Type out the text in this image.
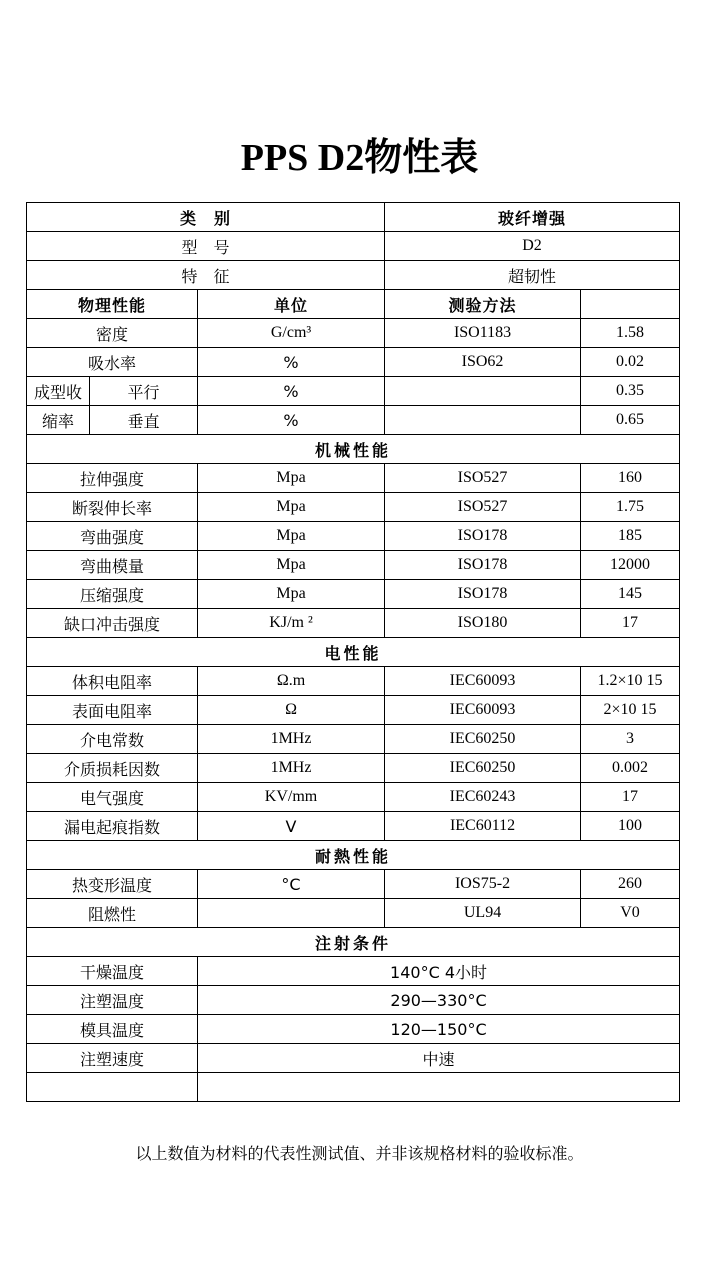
PPS D2物性表
类　别			玻纤增强	
型　号			D2	
特　征			超韧性	
物理性能		单位	测验方法	
密度		G/cm³	ISO1183	1.58
吸水率		%	ISO62	0.02
成型收	平行	%		0.35
缩率	垂直	%		0.65
机械性能				
拉伸强度		Mpa	ISO527	160
断裂伸长率		Mpa	ISO527	1.75
弯曲强度		Mpa	ISO178	185
弯曲模量		Mpa	ISO178	12000
压缩强度		Mpa	ISO178	145
缺口冲击强度		KJ/m ²	ISO180	17
电性能				
体积电阻率		Ω.m	IEC60093	1.2×10 15
表面电阻率		Ω	IEC60093	2×10 15
介电常数		1MHz	IEC60250	3
介质损耗因数		1MHz	IEC60250	0.002
电气强度		KV/mm	IEC60243	17
漏电起痕指数		V	IEC60112	100
耐熱性能				
热变形温度		°C	IOS75-2	260
阻燃性			UL94	V0
注射条件				
干燥温度		140°C 4小时		
注塑温度		290—330°C		
模具温度		120—150°C		
注塑速度		中速		

以上数值为材料的代表性测试值、并非该规格材料的验收标准。
